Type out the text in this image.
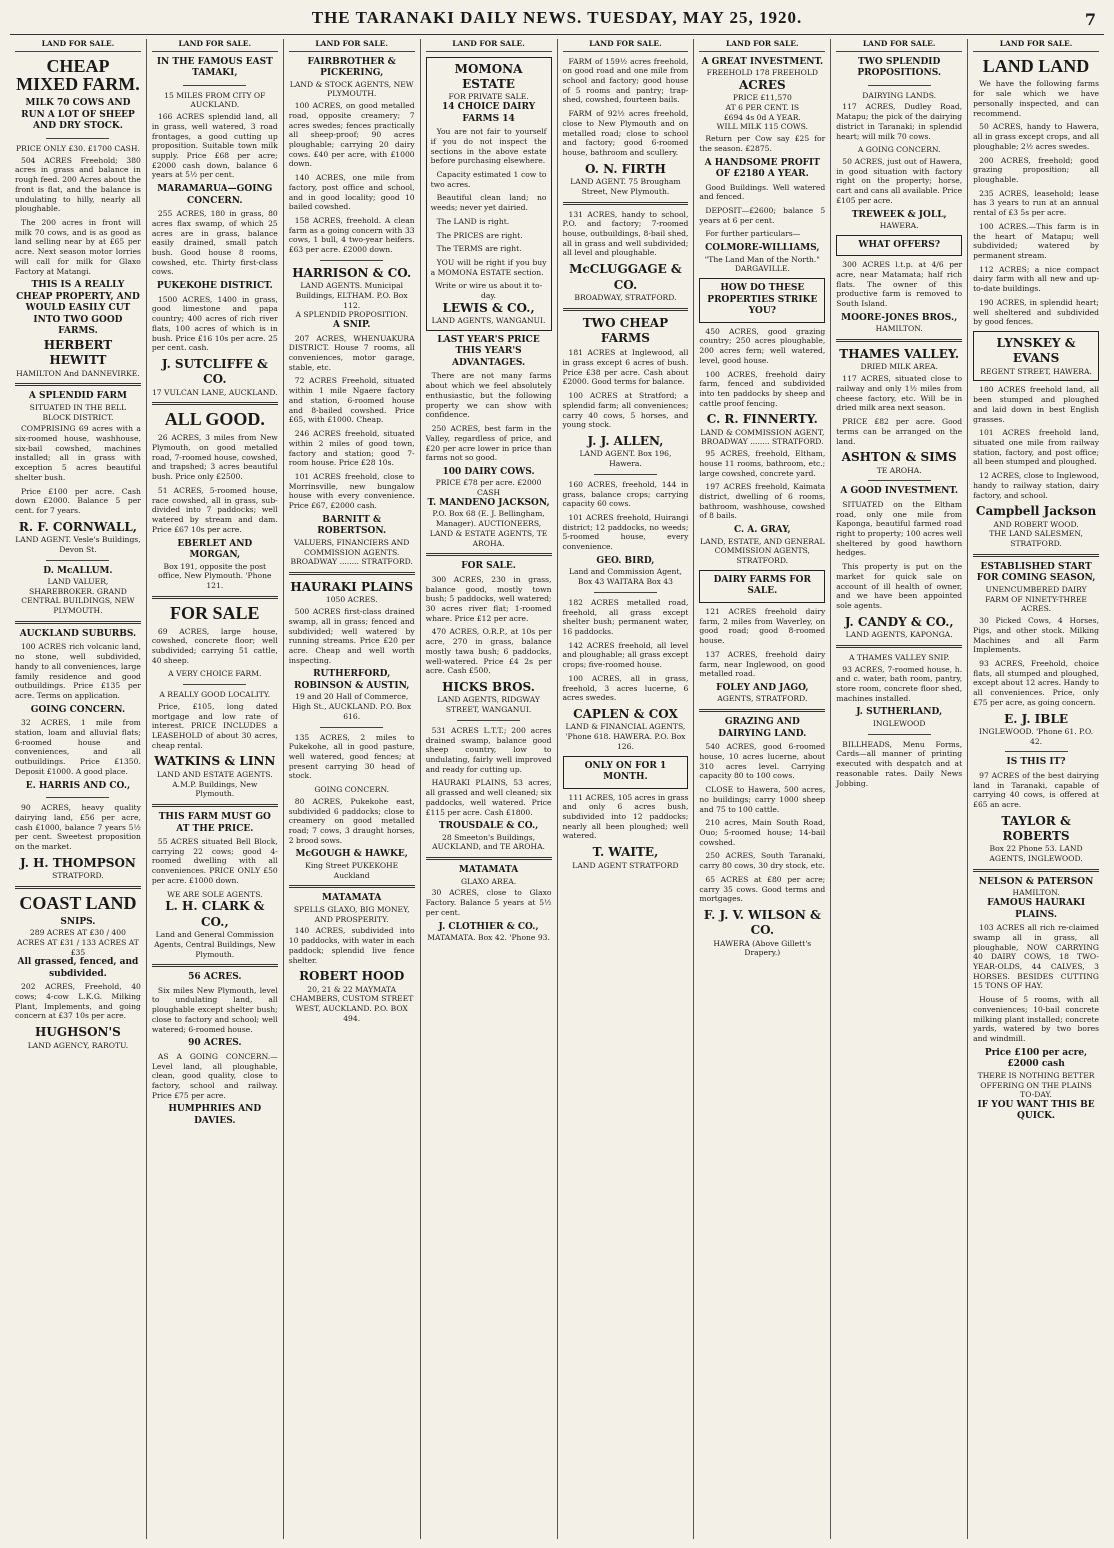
THE TARANAKI DAILY NEWS. TUESDAY, MAY 25, 1920.	7
LAND FOR SALE.
CHEAP MIXED FARM.
MILK 70 COWS AND RUN A LOT OF SHEEP AND DRY STOCK.
PRICE ONLY £30. £1700 CASH.

504 ACRES Freehold; 380 acres in grass and balance in rough feed. 200 Acres about the front is flat, and the balance is undulating to hilly, nearly all ploughable.

The 200 acres in front will milk 70 cows, and is as good as land selling near by at £65 per acre. Next season motor lorries will call for milk for Glaxo Factory at Matangi.

THIS IS A REALLY CHEAP PROPERTY, AND WOULD EASILY CUT INTO TWO GOOD FARMS.
HERBERT HEWITT
HAMILTON And DANNEVIRKE.
A SPLENDID FARM
SITUATED IN THE BELL BLOCK DISTRICT.

COMPRISING 69 acres with a six-roomed house, washhouse, six-bail cowshed, machines installed; all in grass with exception 5 acres beautiful shelter bush.

Price £100 per acre. Cash down £2000. Balance 5 per cent. for 7 years.

R. F. CORNWALL,
LAND AGENT. Vesle's Buildings, Devon St.
D. McALLUM.
LAND VALUER, SHAREBROKER. GRAND CENTRAL BUILDINGS, NEW PLYMOUTH.
AUCKLAND SUBURBS.

100 ACRES rich volcanic land, no stone, well subdivided, handy to all conveniences, large family residence and good outbuildings. Price £135 per acre. Terms on application.

GOING CONCERN.

32 ACRES, 1 mile from station, loam and alluvial flats; 6-roomed house and conveniences, and all outbuildings. Price £1350. Deposit £1000. A good place.

E. HARRIS AND CO.,

90 ACRES, heavy quality dairying land, £56 per acre, cash £1000, balance 7 years 5½ per cent. Sweetest proposition on the market.

J. H. THOMPSON
STRATFORD.
COAST LAND
SNIPS.
289 ACRES AT £30 / 400 ACRES AT £31 / 133 ACRES AT £35
All grassed, fenced, and subdivided.

202 ACRES, Freehold, 40 cows; 4-cow L.K.G. Milking Plant, Implements, and going concern at £37 10s per acre.

HUGHSON'S
LAND AGENCY, RAROTU.
LAND FOR SALE.
IN THE FAMOUS EAST TAMAKI,
15 MILES FROM CITY OF AUCKLAND.

166 ACRES splendid land, all in grass, well watered, 3 road frontages, a good cutting up proposition. Suitable town milk supply. Price £68 per acre; £2000 cash down, balance 6 years at 5½ per cent.

MARAMARUA—GOING CONCERN.

255 ACRES, 180 in grass, 80 acres flax swamp, of which 25 acres are in grass, balance easily drained, small patch bush. Good house 8 rooms, cowshed, etc. Thirty first-class cows.

PUKEKOHE DISTRICT.

1500 ACRES, 1400 in grass, good limestone and papa country; 400 acres of rich river flats, 100 acres of which is in bush. Price £16 10s per acre. 25 per cent. cash.

J. SUTCLIFFE & CO.
17 VULCAN LANE, AUCKLAND.
ALL GOOD.

26 ACRES, 3 miles from New Plymouth, on good metalled road, 7-roomed house, cowshed, and trapshed; 3 acres beautiful bush. Price only £2500.

51 ACRES, 5-roomed house, race cowshed, all in grass, sub-divided into 7 paddocks; well watered by stream and dam. Price £67 10s per acre.

EBERLET AND MORGAN,
Box 191, opposite the post office, New Plymouth. 'Phone 121.
FOR SALE

69 ACRES, large house, cowshed, concrete floor; well subdivided; carrying 51 cattle, 40 sheep.

A VERY CHOICE FARM.
A REALLY GOOD LOCALITY.

Price, £105, long dated mortgage and low rate of interest. PRICE INCLUDES a LEASEHOLD of about 30 acres, cheap rental.

WATKINS & LINN
LAND AND ESTATE AGENTS. A.M.P. Buildings, New Plymouth.
THIS FARM MUST GO AT THE PRICE.

55 ACRES situated Bell Block, carrying 22 cows; good 4-roomed dwelling with all conveniences. PRICE ONLY £50 per acre. £1000 down.

WE ARE SOLE AGENTS.
L. H. CLARK & CO.,
Land and General Commission Agents, Central Buildings, New Plymouth.
56 ACRES.

Six miles New Plymouth, level to undulating land, all ploughable except shelter bush; close to factory and school; well watered; 6-roomed house.

90 ACRES.

AS A GOING CONCERN.—Level land, all ploughable, clean, good quality, close to factory, school and railway. Price £75 per acre.

HUMPHRIES AND DAVIES.
LAND FOR SALE.
FAIRBROTHER & PICKERING,
LAND & STOCK AGENTS, NEW PLYMOUTH.

100 ACRES, on good metalled road, opposite creamery; 7 acres swedes; fences practically all sheep-proof; 90 acres ploughable; carrying 20 dairy cows. £40 per acre, with £1000 down.

140 ACRES, one mile from factory, post office and school, and in good locality; good 10 bailed cowshed.

158 ACRES, freehold. A clean farm as a going concern with 33 cows, 1 bull, 4 two-year heifers. £63 per acre. £2000 down.

HARRISON & CO.
LAND AGENTS. Municipal Buildings, ELTHAM. P.O. Box 112.
A SPLENDID PROPOSITION.
A SNIP.

207 ACRES, WHENUAKURA DISTRICT. House 7 rooms, all conveniences, motor garage, stable, etc.

72 ACRES Freehold, situated within 1 mile Ngaere factory and station, 6-roomed house and 8-bailed cowshed. Price £65, with £1000. Cheap.

246 ACRES freehold, situated within 2 miles of good town, factory and station; good 7-room house. Price £28 10s.

101 ACRES freehold, close to Morrinsville, new bungalow house with every convenience. Price £67, £2000 cash.

BARNITT & ROBERTSON.
VALUERS, FINANCIERS AND COMMISSION AGENTS. BROADWAY ........ STRATFORD.
HAURAKI PLAINS
1050 ACRES.

500 ACRES first-class drained swamp, all in grass; fenced and subdivided; well watered by running streams. Price £20 per acre. Cheap and well worth inspecting.

RUTHERFORD, ROBINSON & AUSTIN,
19 and 20 Hall of Commerce, High St., AUCKLAND. P.O. Box 616.

135 ACRES, 2 miles to Pukekohe, all in good pasture, well watered, good fences; at present carrying 30 head of stock.

GOING CONCERN.

80 ACRES, Pukekohe east, subdivided 6 paddocks; close to creamery on good metalled road; 7 cows, 3 draught horses, 2 brood sows.

McGOUGH & HAWKE,
King Street PUKEKOHE Auckland
MATAMATA
SPELLS GLAXO, BIG MONEY, AND PROSPERITY.

140 ACRES, subdivided into 10 paddocks, with water in each paddock; splendid live fence shelter.

ROBERT HOOD
20, 21 & 22 MAYMATA CHAMBERS, CUSTOM STREET WEST, AUCKLAND. P.O. BOX 494.
LAND FOR SALE.
MOMONA ESTATE
FOR PRIVATE SALE.
14 CHOICE DAIRY FARMS 14

You are not fair to yourself if you do not inspect the sections in the above estate before purchasing elsewhere.

Capacity estimated 1 cow to two acres.

Beautiful clean land; no weeds; never yet dairied.

The LAND is right.

The PRICES are right.

The TERMS are right.

YOU will be right if you buy a MOMONA ESTATE section.

Write or wire us about it to-day.
LEWIS & CO.,
LAND AGENTS, WANGANUI.
LAST YEAR'S PRICE THIS YEAR'S ADVANTAGES.

There are not many farms about which we feel absolutely enthusiastic, but the following property we can show with confidence.

250 ACRES, best farm in the Valley, regardless of price, and £20 per acre lower in price than farms not so good.

100 DAIRY COWS.
PRICE £78 per acre. £2000 CASH
T. MANDENO JACKSON,
P.O. Box 68 (E. J. Bellingham, Manager). AUCTIONEERS, LAND & ESTATE AGENTS, TE AROHA.
FOR SALE.

300 ACRES, 230 in grass, balance good, mostly town bush; 5 paddocks, well watered; 30 acres river flat; 1-roomed whare. Price £12 per acre.

470 ACRES, O.R.P., at 10s per acre, 270 in grass, balance mostly tawa bush; 6 paddocks, well-watered. Price £4 2s per acre. Cash £500.

HICKS BROS.
LAND AGENTS, RIDGWAY STREET, WANGANUI.

531 ACRES L.T.T.; 200 acres drained swamp, balance good sheep country, low to undulating, fairly well improved and ready for cutting up.

HAURAKI PLAINS, 53 acres, all grassed and well cleaned; six paddocks, well watered. Price £115 per acre. Cash £1800.

TROUSDALE & CO.,
28 Smeeton's Buildings, AUCKLAND, and TE AROHA.
MATAMATA
GLAXO AREA.

30 ACRES, close to Glaxo Factory. Balance 5 years at 5½ per cent.

J. CLOTHIER & CO.,
MATAMATA. Box 42. 'Phone 93.
LAND FOR SALE.

FARM of 159½ acres freehold, on good road and one mile from school and factory; good house of 5 rooms and pantry; trap-shed, cowshed, fourteen bails.

FARM of 92½ acres freehold, close to New Plymouth and on metalled road; close to school and factory; good 6-roomed house, bathroom and scullery.

O. N. FIRTH
LAND AGENT. 75 Brougham Street, New Plymouth.

131 ACRES, handy to school, P.O. and factory; 7-roomed house, outbuildings, 8-bail shed, all in grass and well subdivided; all level and ploughable.

McCLUGGAGE & CO.
BROADWAY, STRATFORD.
TWO CHEAP FARMS

181 ACRES at Inglewood, all in grass except 6 acres of bush. Price £38 per acre. Cash about £2000. Good terms for balance.

100 ACRES at Stratford; a splendid farm; all conveniences; carry 40 cows, 5 horses, and young stock.

J. J. ALLEN,
LAND AGENT. Box 196, Hawera.

160 ACRES, freehold, 144 in grass, balance crops; carrying capacity 60 cows.

101 ACRES freehold, Huirangi district; 12 paddocks, no weeds; 5-roomed house, every convenience.

GEO. BIRD,
Land and Commission Agent, Box 43 WAITARA Box 43

182 ACRES metalled road, freehold, all grass except shelter bush; permanent water, 16 paddocks.

142 ACRES freehold, all level and ploughable; all grass except crops; five-roomed house.

100 ACRES, all in grass, freehold, 3 acres lucerne, 6 acres swedes.

CAPLEN & COX
LAND & FINANCIAL AGENTS, 'Phone 618. HAWERA. P.O. Box 126.
ONLY ON FOR 1 MONTH.

111 ACRES, 105 acres in grass and only 6 acres bush, subdivided into 12 paddocks; nearly all been ploughed; well watered.

T. WAITE,
LAND AGENT STRATFORD
LAND FOR SALE.
A GREAT INVESTMENT.
FREEHOLD 178 FREEHOLD
ACRES
PRICE £11,570
AT 6 PER CENT. IS
£694 4s 0d A YEAR.
WILL MILK 115 COWS.

Return per Cow say £25 for the season. £2875.

A HANDSOME PROFIT OF £2180 A YEAR.

Good Buildings. Well watered and fenced.

DEPOSIT—£2600; balance 5 years at 6 per cent.

For further particulars—

COLMORE-WILLIAMS,
"The Land Man of the North." DARGAVILLE.
HOW DO THESE PROPERTIES STRIKE YOU?

450 ACRES, good grazing country; 250 acres ploughable, 200 acres fern; well watered, level, good house.

100 ACRES, freehold dairy farm, fenced and subdivided into ten paddocks by sheep and cattle proof fencing.

C. R. FINNERTY.
LAND & COMMISSION AGENT, BROADWAY ........ STRATFORD.

95 ACRES, freehold, Eltham, house 11 rooms, bathroom, etc.; large cowshed, concrete yard.

197 ACRES freehold, Kaimata district, dwelling of 6 rooms, bathroom, washhouse, cowshed of 8 bails.

C. A. GRAY,
LAND, ESTATE, AND GENERAL COMMISSION AGENTS, STRATFORD.
DAIRY FARMS FOR SALE.

121 ACRES freehold dairy farm, 2 miles from Waverley, on good road; good 8-roomed house.

137 ACRES, freehold dairy farm, near Inglewood, on good metalled road.

FOLEY AND JAGO,
AGENTS, STRATFORD.
GRAZING AND DAIRYING LAND.

540 ACRES, good 6-roomed house, 10 acres lucerne, about 310 acres level. Carrying capacity 80 to 100 cows.

CLOSE to Hawera, 500 acres, no buildings; carry 1000 sheep and 75 to 100 cattle.

210 acres, Main South Road, Ouo; 5-roomed house; 14-bail cowshed.

250 ACRES, South Taranaki, carry 80 cows, 30 dry stock, etc.

65 ACRES at £80 per acre; carry 35 cows. Good terms and mortgages.

F. J. V. WILSON & CO.
HAWERA (Above Gillett's Drapery.)
LAND FOR SALE.
TWO SPLENDID PROPOSITIONS.
DAIRYING LANDS.

117 ACRES, Dudley Road, Matapu; the pick of the dairying district in Taranaki; in splendid heart; will milk 70 cows.

A GOING CONCERN.

50 ACRES, just out of Hawera, in good situation with factory right on the property; horse, cart and cans all available. Price £105 per acre.

TREWEEK & JOLL,
HAWERA.
WHAT OFFERS?

300 ACRES l.t.p. at 4/6 per acre, near Matamata; half rich flats. The owner of this productive farm is removed to South Island.

MOORE-JONES BROS.,
HAMILTON.
THAMES VALLEY.
DRIED MILK AREA.

117 ACRES, situated close to railway and only 1½ miles from cheese factory, etc. Will be in dried milk area next season.

PRICE £82 per acre. Good terms can be arranged on the land.

ASHTON & SIMS
TE AROHA.
A GOOD INVESTMENT.

SITUATED on the Eltham road, only one mile from Kaponga, beautiful farmed road right to property; 100 acres well sheltered by good hawthorn hedges.

This property is put on the market for quick sale on account of ill health of owner, and we have been appointed sole agents.

J. CANDY & CO.,
LAND AGENTS, KAPONGA.
A THAMES VALLEY SNIP.

93 ACRES, 7-roomed house, h. and c. water, bath room, pantry, store room, concrete floor shed, machines installed.

J. SUTHERLAND,
INGLEWOOD

BILLHEADS, Menu Forms, Cards—all manner of printing executed with despatch and at reasonable rates. Daily News Jobbing.

LAND FOR SALE.
LAND LAND

We have the following farms for sale which we have personally inspected, and can recommend.

50 ACRES, handy to Hawera, all in grass except crops, and all ploughable; 2½ acres swedes.

200 ACRES, freehold; good grazing proposition; all ploughable.

235 ACRES, leasehold; lease has 3 years to run at an annual rental of £3 5s per acre.

100 ACRES.—This farm is in the heart of Matapu; well subdivided; watered by permanent stream.

112 ACRES; a nice compact dairy farm with all new and up-to-date buildings.

190 ACRES, in splendid heart; well sheltered and subdivided by good fences.

LYNSKEY & EVANS
REGENT STREET, HAWERA.

180 ACRES freehold land, all been stumped and ploughed and laid down in best English grasses.

101 ACRES freehold land, situated one mile from railway station, factory, and post office; all been stumped and ploughed.

12 ACRES, close to Inglewood, handy to railway station, dairy factory, and school.

Campbell Jackson
AND ROBERT WOOD.
THE LAND SALESMEN, STRATFORD.
ESTABLISHED START FOR COMING SEASON,
UNENCUMBERED DAIRY FARM OF NINETY-THREE ACRES.

30 Picked Cows, 4 Horses, Pigs, and other stock. Milking Machines and all Farm Implements.

93 ACRES, Freehold, choice flats, all stumped and ploughed, except about 12 acres. Handy to all conveniences. Price, only £75 per acre, as going concern.

E. J. IBLE
INGLEWOOD. 'Phone 61. P.O. 42.
IS THIS IT?

97 ACRES of the best dairying land in Taranaki, capable of carrying 40 cows, is offered at £65 an acre.

TAYLOR & ROBERTS
Box 22 Phone 53. LAND AGENTS, INGLEWOOD.
NELSON & PATERSON
HAMILTON.
FAMOUS HAURAKI PLAINS.

103 ACRES all rich re-claimed swamp all in grass, all ploughable, NOW CARRYING 40 DAIRY COWS, 18 TWO-YEAR-OLDS, 44 CALVES, 3 HORSES. BESIDES CUTTING 15 TONS OF HAY.

House of 5 rooms, with all conveniences; 10-bail concrete milking plant installed; concrete yards, watered by two bores and windmill.

Price £100 per acre, £2000 cash
THERE IS NOTHING BETTER OFFERING ON THE PLAINS TO-DAY.
IF YOU WANT THIS BE QUICK.
